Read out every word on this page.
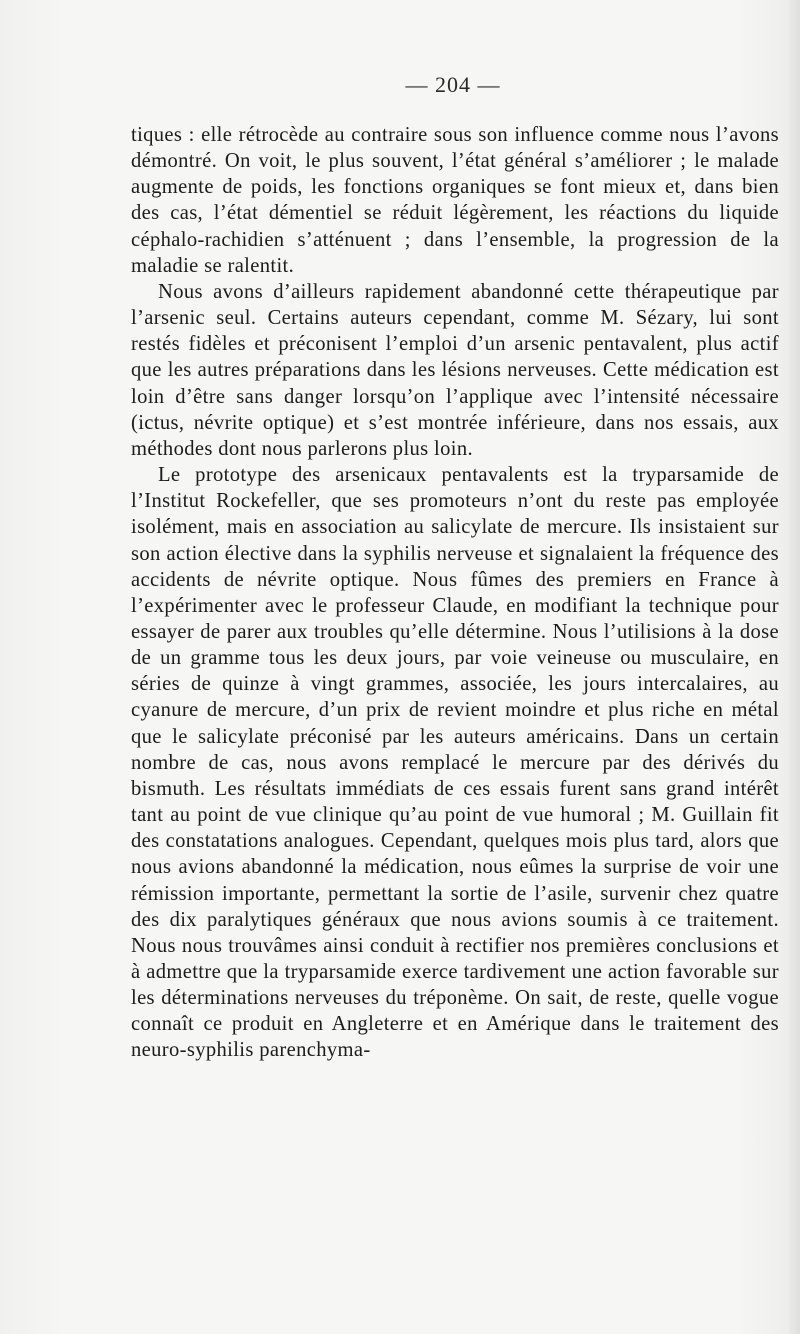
— 204 —

tiques : elle rétrocède au contraire sous son influence comme nous l’avons démontré. On voit, le plus souvent, l’état général s’améliorer ; le malade augmente de poids, les fonctions organiques se font mieux et, dans bien des cas, l’état démentiel se réduit légèrement, les réactions du liquide céphalo-rachidien s’atténuent ; dans l’ensemble, la progression de la maladie se ralentit.

Nous avons d’ailleurs rapidement abandonné cette thérapeutique par l’arsenic seul. Certains auteurs cependant, comme M. Sézary, lui sont restés fidèles et préconisent l’emploi d’un arsenic pentavalent, plus actif que les autres préparations dans les lésions nerveuses. Cette médication est loin d’être sans danger lorsqu’on l’applique avec l’intensité nécessaire (ictus, névrite optique) et s’est montrée inférieure, dans nos essais, aux méthodes dont nous parlerons plus loin.

Le prototype des arsenicaux pentavalents est la tryparsamide de l’Institut Rockefeller, que ses promoteurs n’ont du reste pas employée isolément, mais en association au salicylate de mercure. Ils insistaient sur son action élective dans la syphilis nerveuse et signalaient la fréquence des accidents de névrite optique. Nous fûmes des premiers en France à l’expérimenter avec le professeur Claude, en modifiant la technique pour essayer de parer aux troubles qu’elle détermine. Nous l’utilisions à la dose de un gramme tous les deux jours, par voie veineuse ou musculaire, en séries de quinze à vingt grammes, associée, les jours intercalaires, au cyanure de mercure, d’un prix de revient moindre et plus riche en métal que le salicylate préconisé par les auteurs américains. Dans un certain nombre de cas, nous avons remplacé le mercure par des dérivés du bismuth. Les résultats immédiats de ces essais furent sans grand intérêt tant au point de vue clinique qu’au point de vue humoral ; M. Guillain fit des constatations analogues. Cependant, quelques mois plus tard, alors que nous avions abandonné la médication, nous eûmes la surprise de voir une rémission importante, permettant la sortie de l’asile, survenir chez quatre des dix paralytiques généraux que nous avions soumis à ce traitement. Nous nous trouvâmes ainsi conduit à rectifier nos premières conclusions et à admettre que la tryparsamide exerce tardivement une action favorable sur les déterminations nerveuses du tréponème. On sait, de reste, quelle vogue connaît ce produit en Angleterre et en Amérique dans le traitement des neuro-syphilis parenchyma-
